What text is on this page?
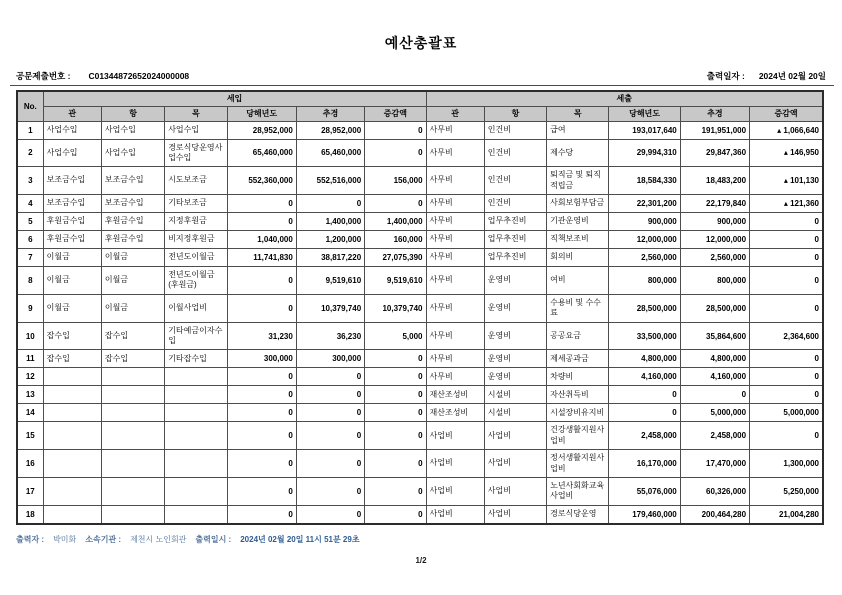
예산총괄표
공문제출번호 : C01344872652024000008	출력일자 : 2024년 02월 20일
No.	세입						세출					
	관	항	목	당해년도	추경	증감액	관	항	목	당해년도	추경	증감액
1	사업수입	사업수입	사업수입	28,952,000	28,952,000	0	사무비	인건비	급여	193,017,640	191,951,000	▴ 1,066,640
2	사업수입	사업수입	경로식당운영사업수입	65,460,000	65,460,000	0	사무비	인건비	제수당	29,994,310	29,847,360	▴ 146,950
3	보조금수입	보조금수입	시도보조금	552,360,000	552,516,000	156,000	사무비	인건비	퇴직금 및 퇴직적립금	18,584,330	18,483,200	▴ 101,130
4	보조금수입	보조금수입	기타보조금	0	0	0	사무비	인건비	사회보험부담금	22,301,200	22,179,840	▴ 121,360
5	후원금수입	후원금수입	지정후원금	0	1,400,000	1,400,000	사무비	업무추진비	기관운영비	900,000	900,000	0
6	후원금수입	후원금수입	비지정후원금	1,040,000	1,200,000	160,000	사무비	업무추진비	직책보조비	12,000,000	12,000,000	0
7	이월금	이월금	전년도이월금	11,741,830	38,817,220	27,075,390	사무비	업무추진비	회의비	2,560,000	2,560,000	0
8	이월금	이월금	전년도이월금(후원금)	0	9,519,610	9,519,610	사무비	운영비	여비	800,000	800,000	0
9	이월금	이월금	이월사업비	0	10,379,740	10,379,740	사무비	운영비	수용비 및 수수료	28,500,000	28,500,000	0
10	잡수입	잡수입	기타예금이자수입	31,230	36,230	5,000	사무비	운영비	공공요금	33,500,000	35,864,600	2,364,600
11	잡수입	잡수입	기타잡수입	300,000	300,000	0	사무비	운영비	제세공과금	4,800,000	4,800,000	0
12				0	0	0	사무비	운영비	차량비	4,160,000	4,160,000	0
13				0	0	0	재산조성비	시설비	자산취득비	0	0	0
14				0	0	0	재산조성비	시설비	시설장비유지비	0	5,000,000	5,000,000
15				0	0	0	사업비	사업비	건강생활지원사업비	2,458,000	2,458,000	0
16				0	0	0	사업비	사업비	정서생활지원사업비	16,170,000	17,470,000	1,300,000
17				0	0	0	사업비	사업비	노년사회화교육사업비	55,076,000	60,326,000	5,250,000
18				0	0	0	사업비	사업비	경로식당운영	179,460,000	200,464,280	21,004,280
출력자 : 박미화 소속기관 : 제천시 노인회관 출력일시 : 2024년 02월 20일 11시 51분 29초
1/2
